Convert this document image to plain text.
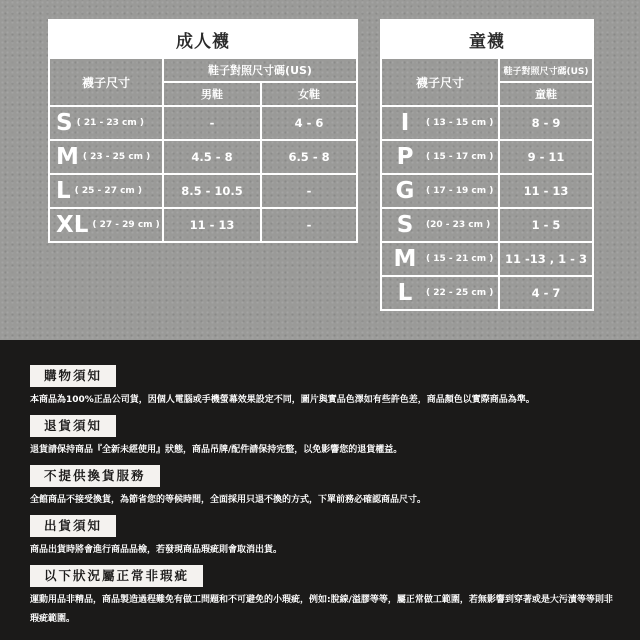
成人襪		
襪子尺寸	鞋子對照尺寸碼(US)	
	男鞋	女鞋
S ( 21 - 23 cm )	-	4 - 6
M ( 23 - 25 cm )	4.5 - 8	6.5 - 8
L ( 25 - 27 cm )	8.5 - 10.5	-
XL ( 27 - 29 cm )	11 - 13	-
童襪	
襪子尺寸	鞋子對照尺寸碼(US)
	童鞋
I ( 13 - 15 cm )	8 - 9
P ( 15 - 17 cm )	9 - 11
G ( 17 - 19 cm )	11 - 13
S (20 - 23 cm )	1 - 5
M ( 15 - 21 cm )	11 -13 , 1 - 3
L ( 22 - 25 cm )	4 - 7
購物須知
本商品為100%正品公司貨，因個人電腦或手機螢幕效果設定不同，圖片與實品色澤如有些許色差，商品顏色以實際商品為準。
退貨須知
退貨請保持商品『全新未經使用』狀態，商品吊牌/配件請保持完整，以免影響您的退貨權益。
不提供換貨服務
全館商品不接受換貨，為節省您的等候時間，全面採用只退不換的方式，下單前務必確認商品尺寸。
出貨須知
商品出貨時將會進行商品品檢，若發現商品瑕疵則會取消出貨。
以下狀況屬正常非瑕疵
運動用品非精品，商品製造過程難免有做工問題和不可避免的小瑕疵，例如:脫線/溢膠等等，屬正常做工範圍，若無影響到穿著或是大污漬等等則非瑕疵範圍。
